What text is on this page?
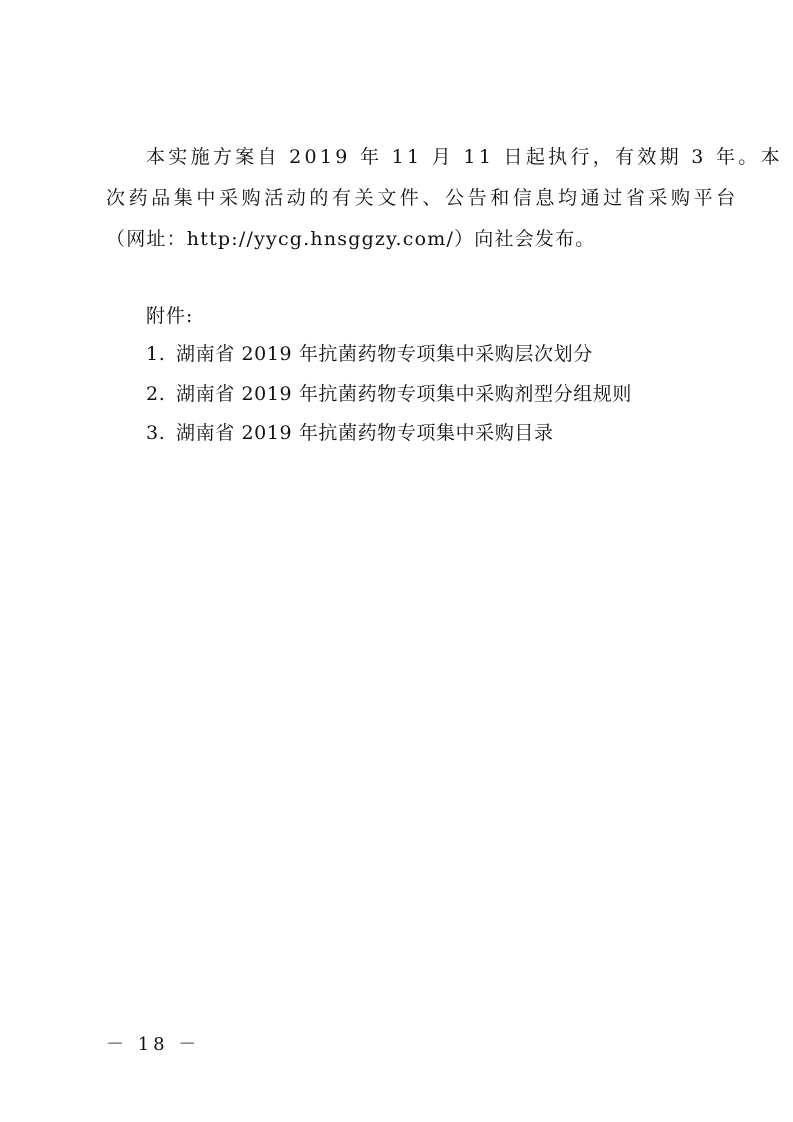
本实施方案自 2019 年 11 月 11 日起执行，有效期 3 年。本
次药品集中采购活动的有关文件、公告和信息均通过省采购平台
（网址：http://yycg.hnsggzy.com/）向社会发布。
附件:
1. 湖南省 2019 年抗菌药物专项集中采购层次划分
2. 湖南省 2019 年抗菌药物专项集中采购剂型分组规则
3. 湖南省 2019 年抗菌药物专项集中采购目录
－ 18 －
